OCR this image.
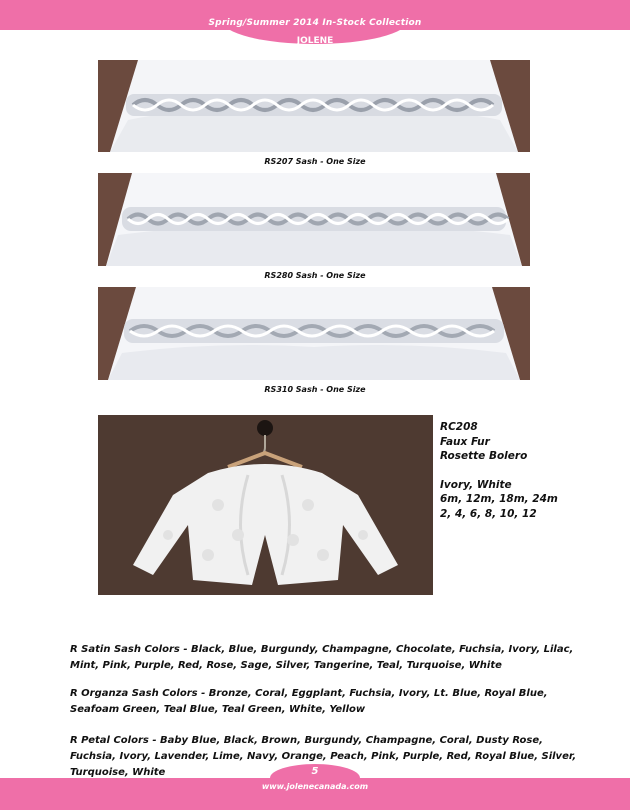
Spring/Summer 2014 In-Stock Collection
JOLENE
RS207 Sash - One Size
RS280 Sash - One Size
RS310 Sash - One Size
RC208
Faux Fur
Rosette Bolero
Ivory, White
6m, 12m, 18m, 24m
2, 4, 6, 8, 10, 12
R Satin Sash Colors - Black, Blue, Burgundy, Champagne, Chocolate, Fuchsia, Ivory, Lilac, Mint, Pink, Purple, Red, Rose, Sage, Silver, Tangerine, Teal, Turquoise, White
R Organza Sash Colors - Bronze, Coral, Eggplant, Fuchsia, Ivory, Lt. Blue, Royal Blue, Seafoam Green, Teal Blue, Teal Green, White, Yellow
R Petal Colors - Baby Blue, Black, Brown, Burgundy, Champagne, Coral, Dusty Rose, Fuchsia, Ivory, Lavender, Lime, Navy, Orange, Peach, Pink, Purple, Red, Royal Blue, Silver, Turquoise, White	5
www.jolenecanada.com
